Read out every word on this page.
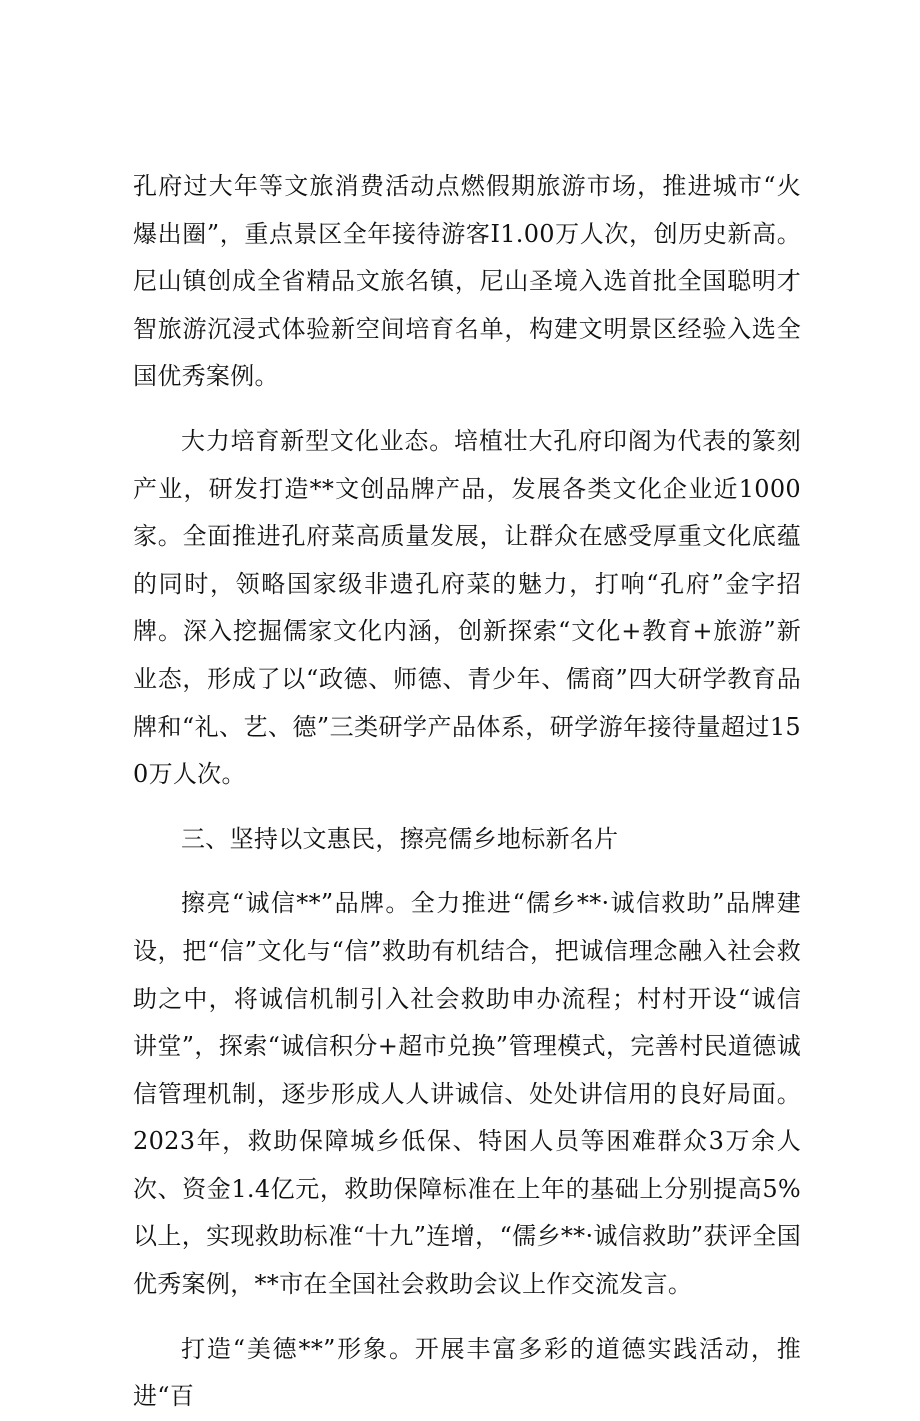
孔府过大年等文旅消费活动点燃假期旅游市场，推进城市“火爆出圈”，重点景区全年接待游客I1.00万人次，创历史新高。尼山镇创成全省精品文旅名镇，尼山圣境入选首批全国聪明才智旅游沉浸式体验新空间培育名单，构建文明景区经验入选全国优秀案例。

大力培育新型文化业态。培植壮大孔府印阁为代表的篆刻产业，研发打造**文创品牌产品，发展各类文化企业近1000家。全面推进孔府菜高质量发展，让群众在感受厚重文化底蕴的同时，领略国家级非遗孔府菜的魅力，打响“孔府”金字招牌。深入挖掘儒家文化内涵，创新探索“文化+教育+旅游”新业态，形成了以“政德、师德、青少年、儒商”四大研学教育品牌和“礼、艺、德”三类研学产品体系，研学游年接待量超过150万人次。

三、坚持以文惠民，擦亮儒乡地标新名片

擦亮“诚信**”品牌。全力推进“儒乡**·诚信救助”品牌建设，把“信”文化与“信”救助有机结合，把诚信理念融入社会救助之中，将诚信机制引入社会救助申办流程；村村开设“诚信讲堂”，探索“诚信积分+超市兑换”管理模式，完善村民道德诚信管理机制，逐步形成人人讲诚信、处处讲信用的良好局面。2023年，救助保障城乡低保、特困人员等困难群众3万余人次、资金1.4亿元，救助保障标准在上年的基础上分别提高5%以上，实现救助标准“十九”连增，“儒乡**·诚信救助”获评全国优秀案例，**市在全国社会救助会议上作交流发言。

打造“美德**”形象。开展丰富多彩的道德实践活动，推进“百
